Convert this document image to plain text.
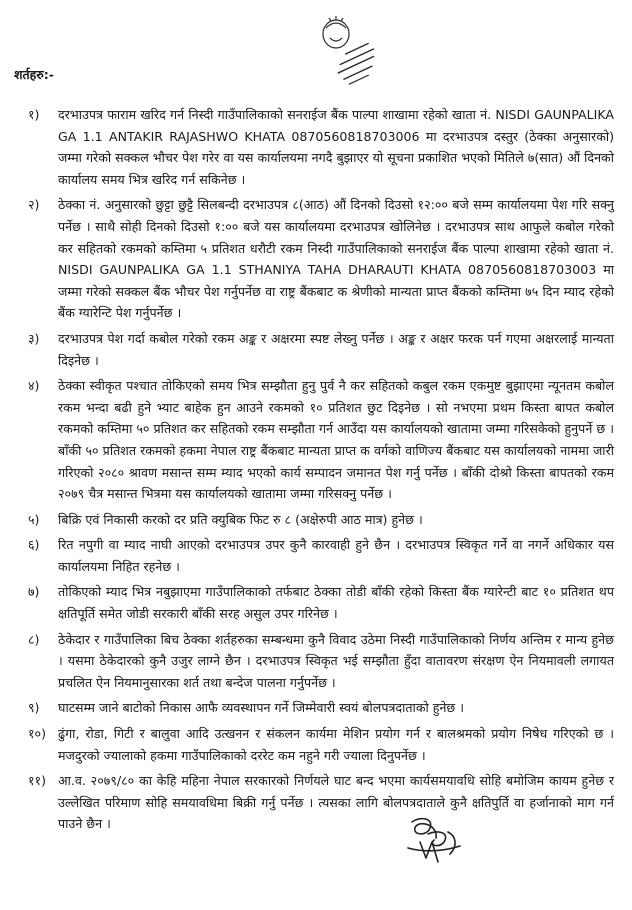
शर्तहरु:-
१)	दरभाउपत्र फाराम खरिद गर्न निस्दी गाउँपालिकाको सनराईज बैंक पाल्पा शाखामा रहेको खाता नं. NISDI GAUNPALIKA GA 1.1 ANTAKIR RAJASHWO KHATA 0870560818703006 मा दरभाउपत्र दस्तुर (ठेक्का अनुसारको) जम्मा गरेको सक्कल भौचर पेश गरेर वा यस कार्यालयमा नगदै बुझाएर यो सूचना प्रकाशित भएको मितिले ७(सात) औं दिनको कार्यालय समय भित्र खरिद गर्न सकिनेछ ।
२)	ठेक्का नं. अनुसारको छुट्टा छुट्टै सिलबन्दी दरभाउपत्र ८(आठ) औं दिनको दिउसो १२:०० बजे सम्म कार्यालयमा पेश गरि सक्नु पर्नेछ । साथै सोही दिनको दिउसो १:०० बजे यस कार्यालयमा दरभाउपत्र खोलिनेछ । दरभाउपत्र साथ आफुले कबोल गरेको कर सहितको रकमको कम्तिमा ५ प्रतिशत धरौटी रकम निस्दी गाउँपालिकाको सनराईज बैंक पाल्पा शाखामा रहेको खाता नं. NISDI GAUNPALIKA GA 1.1 STHANIYA TAHA DHARAUTI KHATA 0870560818703003 मा जम्मा गरेको सक्कल बैंक भौचर पेश गर्नुपर्नेछ वा राष्ट्र बैंकबाट क श्रेणीको मान्यता प्राप्त बैंकको कम्तिमा ७५ दिन म्याद रहेको बैंक ग्यारेन्टि पेश गर्नुपर्नेछ ।
३)	दरभाउपत्र पेश गर्दा कबोल गरेको रकम अङ्क र अक्षरमा स्पष्ट लेख्नु पर्नेछ । अङ्क र अक्षर फरक पर्न गएमा अक्षरलाई मान्यता दिइनेछ ।
४)	ठेक्का स्वीकृत पश्चात तोकिएको समय भित्र सम्झौता हुनु पुर्व नै कर सहितको कबुल रकम एकमुष्ट बुझाएमा न्यूनतम कबोल रकम भन्दा बढी हुने भ्याट बाहेक हुन आउने रकमको १० प्रतिशत छुट दिइनेछ । सो नभएमा प्रथम किस्ता बापत कबोल रकमको कम्तिमा ५० प्रतिशत कर सहितको रकम सम्झौता गर्न आउँदा यस कार्यालयको खातामा जम्मा गरिसकेको हुनुपर्ने छ । बाँकी ५० प्रतिशत रकमको हकमा नेपाल राष्ट्र बैंकबाट मान्यता प्राप्त क वर्गको वाणिज्य बैंकबाट यस कार्यालयको नाममा जारी गरिएको २०८० श्रावण मसान्त सम्म म्याद भएको कार्य सम्पादन जमानत पेश गर्नु पर्नेछ । बाँकी दोश्रो किस्ता बापतको रकम २०७९ चैत्र मसान्त भित्रमा यस कार्यालयको खातामा जम्मा गरिसक्नु पर्नेछ ।
५)	बिक्रि एवं निकासी करको दर प्रति क्युबिक फिट रु ८ (अक्षेरुपी आठ मात्र) हुनेछ ।
६)	रित नपुगी वा म्याद नाघी आएको दरभाउपत्र उपर कुनै कारवाही हुने छैन । दरभाउपत्र स्विकृत गर्ने वा नगर्ने अधिकार यस कार्यालयमा निहित रहनेछ ।
७)	तोकिएको म्याद भित्र नबुझाएमा गाउँपालिकाको तर्फबाट ठेक्का तोडी बाँकी रहेको किस्ता बैंक ग्यारेन्टी बाट १० प्रतिशत थप क्षतिपूर्ति समेत जोडी सरकारी बाँकी सरह असुल उपर गरिनेछ ।
८)	ठेकेदार र गाउँपालिका बिच ठेक्का शर्तहरुका सम्बन्धमा कुनै विवाद उठेमा निस्दी गाउँपालिकाको निर्णय अन्तिम र मान्य हुनेछ । यसमा ठेकेदारको कुनै उजुर लाग्ने छैन । दरभाउपत्र स्विकृत भई सम्झौता हुँदा वातावरण संरक्षण ऐन नियमावली लगायत प्रचलित ऐन नियमानुसारका शर्त तथा बन्देज पालना गर्नुपर्नेछ ।
९)	घाटसम्म जाने बाटोको निकास आफै व्यवस्थापन गर्ने जिम्मेवारी स्वयं बोलपत्रदाताको हुनेछ ।
१०) ढुंगा, रोडा, गिटी र बालुवा आदि उत्खनन र संकलन कार्यमा मेशिन प्रयोग गर्न र बालश्रमको प्रयोग निषेध गरिएको छ । मजदुरको ज्यालाको हकमा गाउँपालिकाको दररेट कम नहुने गरी ज्याला दिनुपर्नेछ ।
११) आ.व. २०७९/८० का केहि महिना नेपाल सरकारको निर्णयले घाट बन्द भएमा कार्यसमयावधि सोहि बमोजिम कायम हुनेछ र उल्लेखित परिमाण सोहि समयावधिमा बिक्री गर्नु पर्नेछ । त्यसका लागि बोलपत्रदाताले कुनै क्षतिपुर्ति वा हर्जानाको माग गर्न पाउने छैन ।
